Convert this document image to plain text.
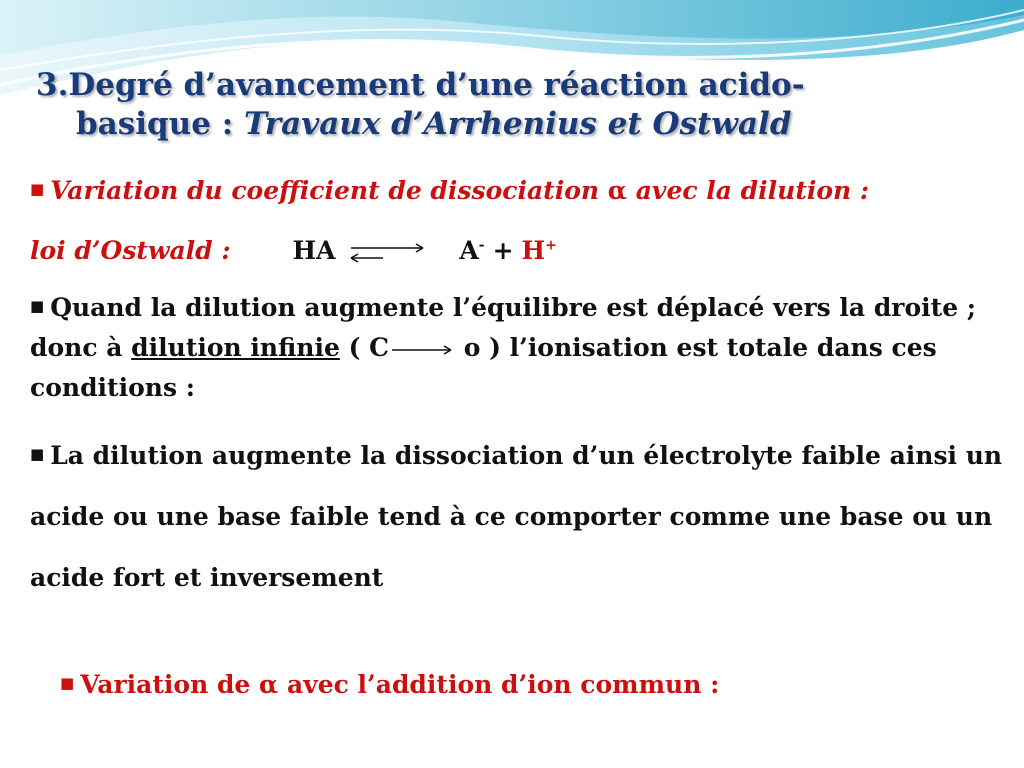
3.Degré d’avancement d’une réaction acido-
basique : Travaux d’Arrhenius et Ostwald

■ Variation du coefficient de dissociation α avec la dilution :

loi d’Ostwald : HA	A- + H+

■ Quand la dilution augmente l’équilibre est déplacé vers la droite ; donc à dilution infinie ( C	o ) l’ionisation est totale dans ces conditions :

■ La dilution augmente la dissociation d’un électrolyte faible ainsi un acide ou une base faible tend à ce comporter comme une base ou un acide fort et inversement

■ Variation de α avec l’addition d’ion commun :
